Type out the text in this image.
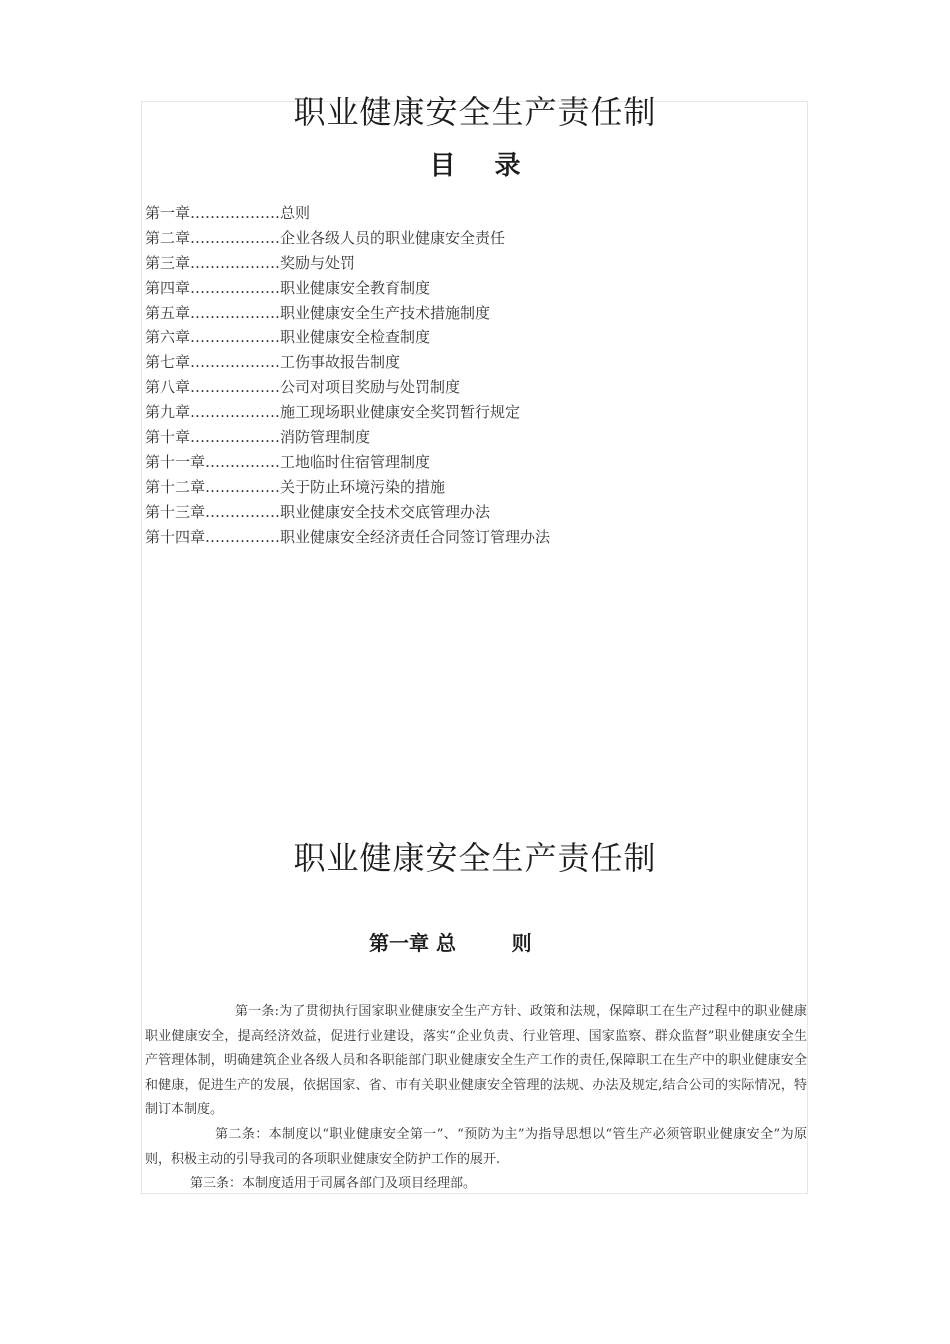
职业健康安全生产责任制
目 录
第一章………………总则
第二章………………企业各级人员的职业健康安全责任
第三章………………奖励与处罚
第四章………………职业健康安全教育制度
第五章………………职业健康安全生产技术措施制度
第六章………………职业健康安全检查制度
第七章………………工伤事故报告制度
第八章………………公司对项目奖励与处罚制度
第九章………………施工现场职业健康安全奖罚暂行规定
第十章………………消防管理制度
第十一章……………工地临时住宿管理制度
第十二章……………关于防止环境污染的措施
第十三章……………职业健康安全技术交底管理办法
第十四章……………职业健康安全经济责任合同签订管理办法
职业健康安全生产责任制
第一章 总        则

第一条:为了贯彻执行国家职业健康安全生产方针、政策和法规，保障职工在生产过程中的职业健康职业健康安全，提高经济效益，促进行业建设，落实“企业负责、行业管理、国家监察、群众监督”职业健康安全生产管理体制，明确建筑企业各级人员和各职能部门职业健康安全生产工作的责任,保障职工在生产中的职业健康安全和健康，促进生产的发展，依据国家、省、市有关职业健康安全管理的法规、办法及规定,结合公司的实际情况，特制订本制度。

第二条：本制度以“职业健康安全第一”、“预防为主”为指导思想以“管生产必须管职业健康安全”为原则，积极主动的引导我司的各项职业健康安全防护工作的展开.

第三条：本制度适用于司属各部门及项目经理部。
